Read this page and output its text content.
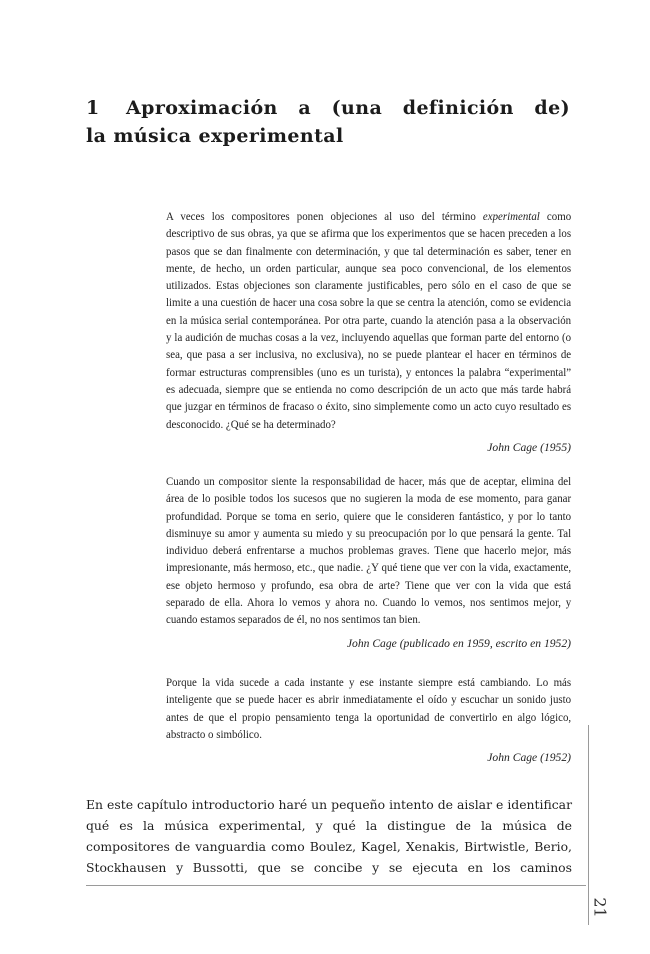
1 Aproximación a (una definición de)
la música experimental

A veces los compositores ponen objeciones al uso del término experimental como descriptivo de sus obras, ya que se afirma que los experimentos que se hacen preceden a los pasos que se dan finalmente con determinación, y que tal determinación es saber, tener en mente, de hecho, un orden particular, aunque sea poco convencional, de los elementos utilizados. Estas objeciones son claramente justificables, pero sólo en el caso de que se limite a una cuestión de hacer una cosa sobre la que se centra la atención, como se evidencia en la música serial contemporánea. Por otra parte, cuando la atención pasa a la observación y la audición de muchas cosas a la vez, incluyendo aquellas que forman parte del entorno (o sea, que pasa a ser inclusiva, no exclusiva), no se puede plantear el hacer en términos de formar estructuras comprensibles (uno es un turista), y entonces la palabra “experimental” es adecuada, siempre que se entienda no como descripción de un acto que más tarde habrá que juzgar en términos de fracaso o éxito, sino simplemente como un acto cuyo resultado es desconocido. ¿Qué se ha determinado?

John Cage (1955)

Cuando un compositor siente la responsabilidad de hacer, más que de aceptar, elimina del área de lo posible todos los sucesos que no sugieren la moda de ese momento, para ganar profundidad. Porque se toma en serio, quiere que le consideren fantástico, y por lo tanto disminuye su amor y aumenta su miedo y su preocupación por lo que pensará la gente. Tal individuo deberá enfrentarse a muchos problemas graves. Tiene que hacerlo mejor, más impresionante, más hermoso, etc., que nadie. ¿Y qué tiene que ver con la vida, exactamente, ese objeto hermoso y profundo, esa obra de arte? Tiene que ver con la vida que está separado de ella. Ahora lo vemos y ahora no. Cuando lo vemos, nos sentimos mejor, y cuando estamos separados de él, no nos sentimos tan bien.

John Cage (publicado en 1959, escrito en 1952)

Porque la vida sucede a cada instante y ese instante siempre está cambiando. Lo más inteligente que se puede hacer es abrir inmediatamente el oído y escuchar un sonido justo antes de que el propio pensamiento tenga la oportunidad de convertirlo en algo lógico, abstracto o simbólico.

John Cage (1952)

En este capítulo introductorio haré un pequeño intento de aislar e identificar qué es la música experimental, y qué la distingue de la música de compositores de vanguardia como Boulez, Kagel, Xenakis, Birtwistle, Berio, Stockhausen y Bussotti, que se concibe y se ejecuta en los caminos

21
